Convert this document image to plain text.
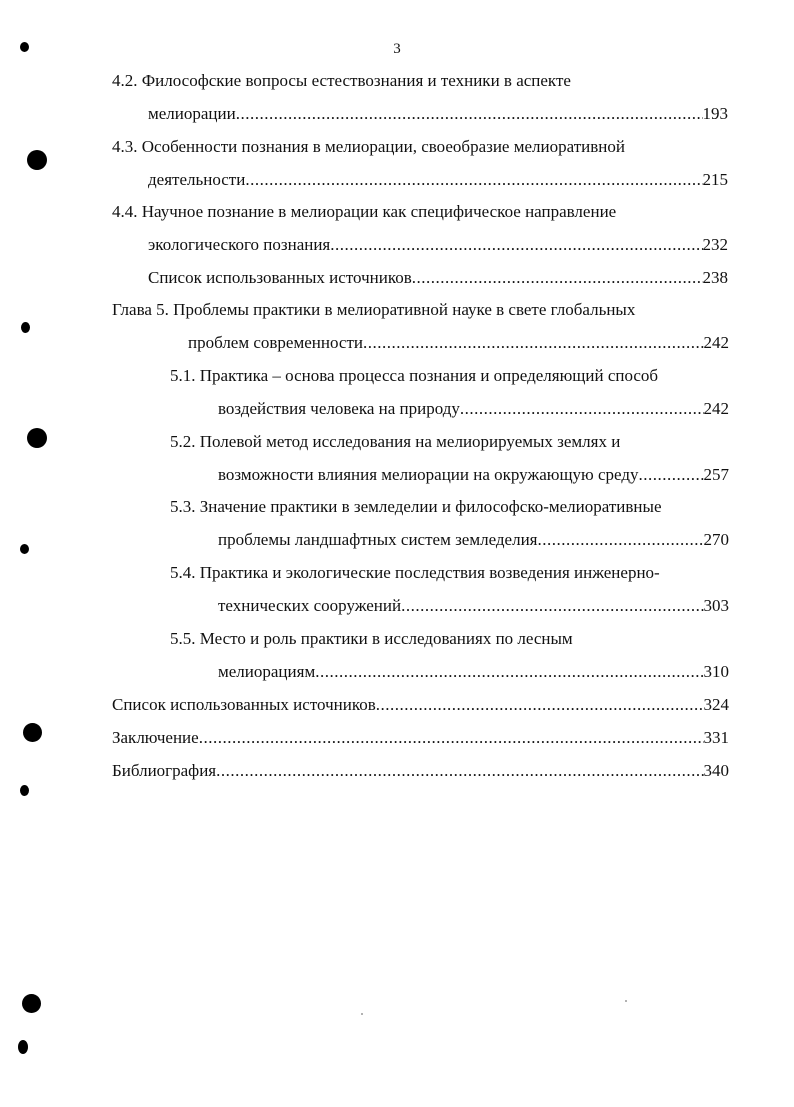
3
4.2. Философские вопросы естествознания и техники в аспекте
мелиорации .....	193
4.3. Особенности познания в мелиорации, своеобразие мелиоративной
деятельности .....	215
4.4. Научное познание в мелиорации как специфическое направление
экологического познания .....	232
Список использованных источников .....	238
Глава 5. Проблемы практики в мелиоративной науке в свете глобальных
проблем современности .....	242
5.1. Практика – основа процесса познания и определяющий способ
воздействия человека на природу .....	242
5.2. Полевой метод исследования на мелиорируемых землях и
возможности влияния мелиорации на окружающую среду .....	257
5.3. Значение практики в земледелии и философско-мелиоративные
проблемы ландшафтных систем земледелия .....	270
5.4. Практика и экологические последствия возведения инженерно-
технических сооружений .....	303
5.5. Место и роль практики в исследованиях по лесным
мелиорациям .....	310
Список использованных источников .....	324
Заключение .....	331
Библиография .....	340
